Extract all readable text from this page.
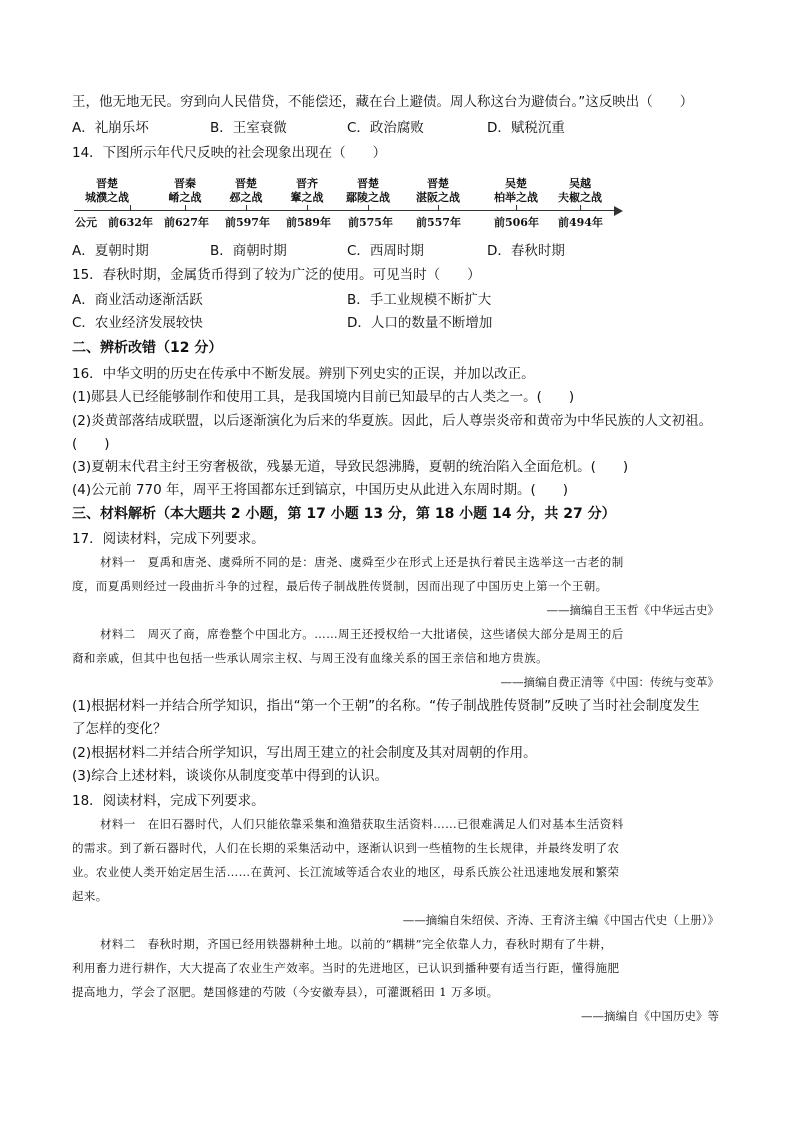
王，他无地无民。穷到向人民借贷，不能偿还，藏在台上避债。周人称这台为避债台。”这反映出（　　）
A．礼崩乐坏	B．王室衰微	C．政治腐败	D．赋税沉重
14．下图所示年代尺反映的社会现象出现在（　　）
晋楚
城濮之战
晋秦
崤之战
晋楚
邲之战
晋齐
鞌之战
晋楚
鄢陵之战
晋楚
湛阪之战
吴楚
柏举之战
吴越
夫椒之战
公元 前632年 前627年 前597年 前589年 前575年 前557年	前506年 前494年
A．夏朝时期	B．商朝时期	C．西周时期	D．春秋时期
15．春秋时期，金属货币得到了较为广泛的使用。可见当时（　　）
A．商业活动逐渐活跃	B．手工业规模不断扩大
C．农业经济发展较快	D．人口的数量不断增加
二、辨析改错（12 分）
16．中华文明的历史在传承中不断发展。辨别下列史实的正误，并加以改正。
(1)郧县人已经能够制作和使用工具，是我国境内目前已知最早的古人类之一。(　　)
(2)炎黄部落结成联盟，以后逐渐演化为后来的华夏族。因此，后人尊崇炎帝和黄帝为中华民族的人文初祖。
(　　)
(3)夏朝末代君主纣王穷奢极欲，残暴无道，导致民怨沸腾，夏朝的统治陷入全面危机。(　　)
(4)公元前 770 年，周平王将国都东迁到镐京，中国历史从此进入东周时期。(　　)
三、材料解析（本大题共 2 小题，第 17 小题 13 分，第 18 小题 14 分，共 27 分）
17．阅读材料，完成下列要求。
材料一　夏禹和唐尧、虞舜所不同的是：唐尧、虞舜至少在形式上还是执行着民主选举这一古老的制
度，而夏禹则经过一段曲折斗争的过程，最后传子制战胜传贤制，因而出现了中国历史上第一个王朝。
——摘编自王玉哲《中华远古史》
材料二　周灭了商，席卷整个中国北方。……周王还授权给一大批诸侯，这些诸侯大部分是周王的后
裔和亲戚，但其中也包括一些承认周宗主权、与周王没有血缘关系的国王亲信和地方贵族。
——摘编自费正清等《中国：传统与变革》
(1)根据材料一并结合所学知识，指出“第一个王朝”的名称。“传子制战胜传贤制”反映了当时社会制度发生
了怎样的变化？
(2)根据材料二并结合所学知识，写出周王建立的社会制度及其对周朝的作用。
(3)综合上述材料，谈谈你从制度变革中得到的认识。
18．阅读材料，完成下列要求。
材料一　在旧石器时代，人们只能依靠采集和渔猎获取生活资料……已很难满足人们对基本生活资料
的需求。到了新石器时代，人们在长期的采集活动中，逐渐认识到一些植物的生长规律，并最终发明了农
业。农业使人类开始定居生活……在黄河、长江流域等适合农业的地区，母系氏族公社迅速地发展和繁荣
起来。
——摘编自朱绍侯、齐涛、王育济主编《中国古代史（上册）》
材料二　春秋时期，齐国已经用铁器耕种土地。以前的“耦耕”完全依靠人力，春秋时期有了牛耕，
利用畜力进行耕作，大大提高了农业生产效率。当时的先进地区，已认识到播种要有适当行距，懂得施肥
提高地力，学会了沤肥。楚国修建的芍陂（今安徽寿县），可灌溉稻田 1 万多顷。
——摘编自《中国历史》等
